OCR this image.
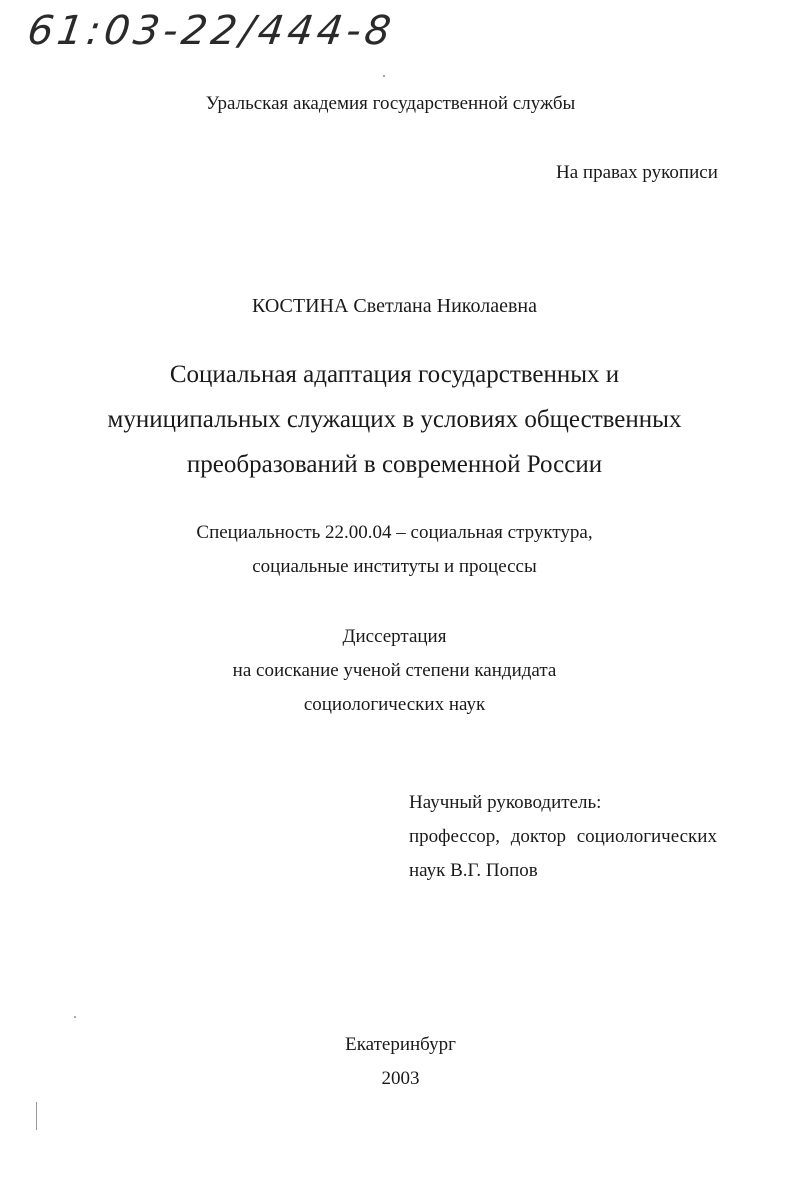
61:03-22/444-8
Уральская академия государственной службы
На правах рукописи
КОСТИНА Светлана Николаевна
Социальная адаптация государственных и
муниципальных служащих в условиях общественных
преобразований в современной России
Специальность 22.00.04 – социальная структура,
социальные институты и процессы
Диссертация
на соискание ученой степени кандидата
социологических наук
Научный руководитель:
профессор, доктор социологических
наук В.Г. Попов
Екатеринбург
2003
